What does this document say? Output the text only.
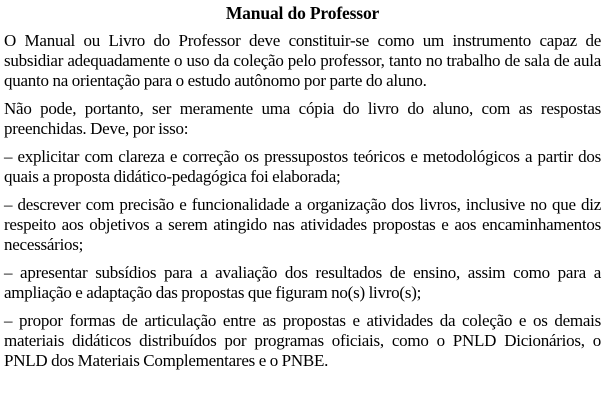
Manual do Professor

O Manual ou Livro do Professor deve constituir-se como um instrumento capaz de subsidiar adequadamente o uso da coleção pelo professor, tanto no trabalho de sala de aula quanto na orientação para o estudo autônomo por parte do aluno.

Não pode, portanto, ser meramente uma cópia do livro do aluno, com as respostas preenchidas. Deve, por isso:

– explicitar com clareza e correção os pressupostos teóricos e metodológicos a partir dos quais a proposta didático-pedagógica foi elaborada;

– descrever com precisão e funcionalidade a organização dos livros, inclusive no que diz respeito aos objetivos a serem atingido nas atividades propostas e aos encaminhamentos necessários;

– apresentar subsídios para a avaliação dos resultados de ensino, assim como para a ampliação e adaptação das propostas que figuram no(s) livro(s);

– propor formas de articulação entre as propostas e atividades da coleção e os demais materiais didáticos distribuídos por programas oficiais, como o PNLD Dicionários, o PNLD dos Materiais Complementares e o PNBE.
